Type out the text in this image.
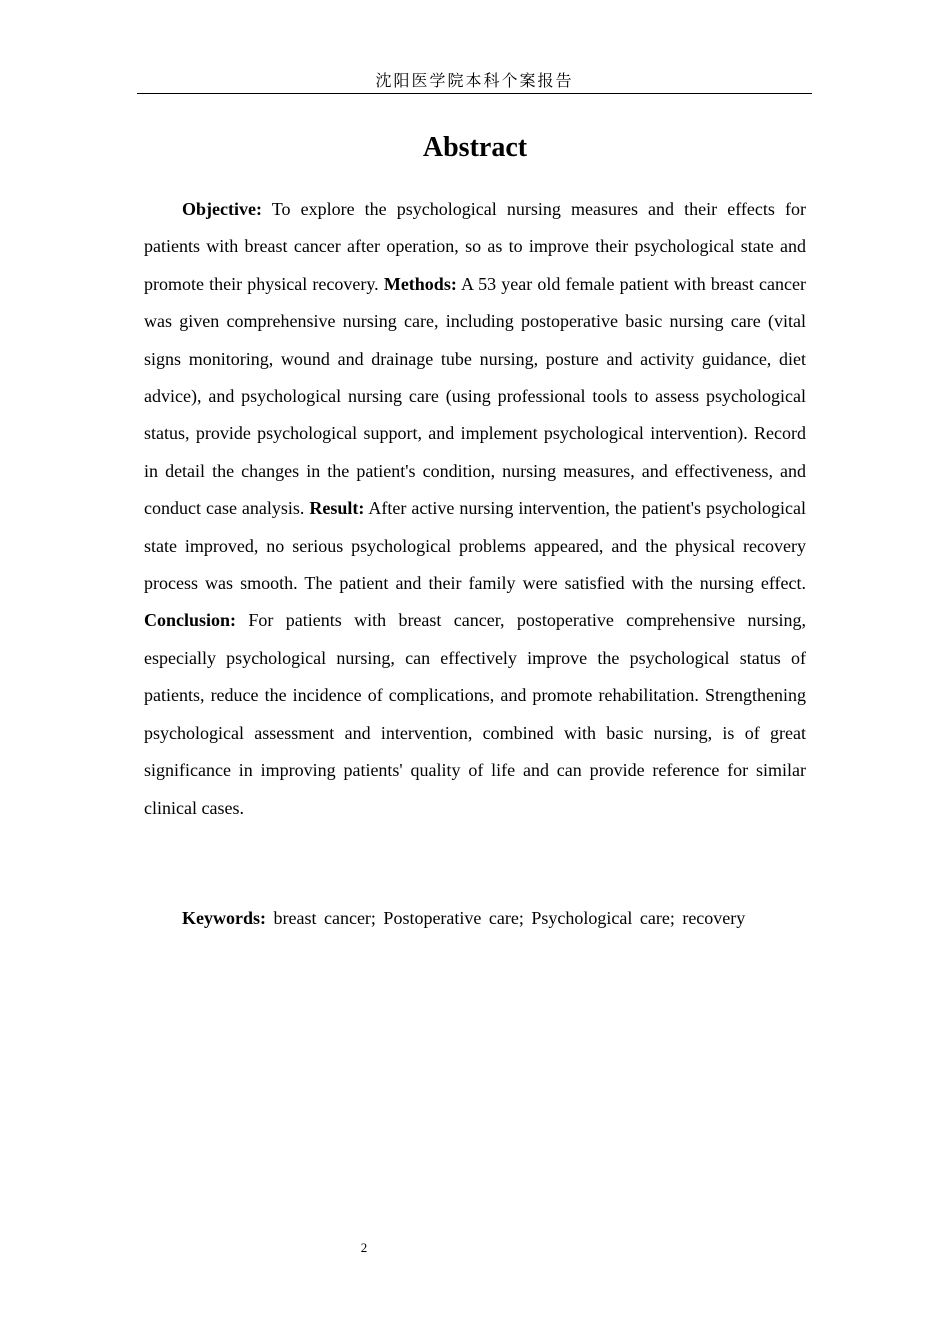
沈阳医学院本科个案报告
Abstract

Objective: To explore the psychological nursing measures and their effects for patients with breast cancer after operation, so as to improve their psychological state and promote their physical recovery. Methods: A 53 year old female patient with breast cancer was given comprehensive nursing care, including postoperative basic nursing care (vital signs monitoring, wound and drainage tube nursing, posture and activity guidance, diet advice), and psychological nursing care (using professional tools to assess psychological status, provide psychological support, and implement psychological intervention). Record in detail the changes in the patient's condition, nursing measures, and effectiveness, and conduct case analysis. Result: After active nursing intervention, the patient's psychological state improved, no serious psychological problems appeared, and the physical recovery process was smooth. The patient and their family were satisfied with the nursing effect. Conclusion: For patients with breast cancer, postoperative comprehensive nursing, especially psychological nursing, can effectively improve the psychological status of patients, reduce the incidence of complications, and promote rehabilitation. Strengthening psychological assessment and intervention, combined with basic nursing, is of great significance in improving patients' quality of life and can provide reference for similar clinical cases.

Keywords: breast cancer; Postoperative care; Psychological care; recovery

2
